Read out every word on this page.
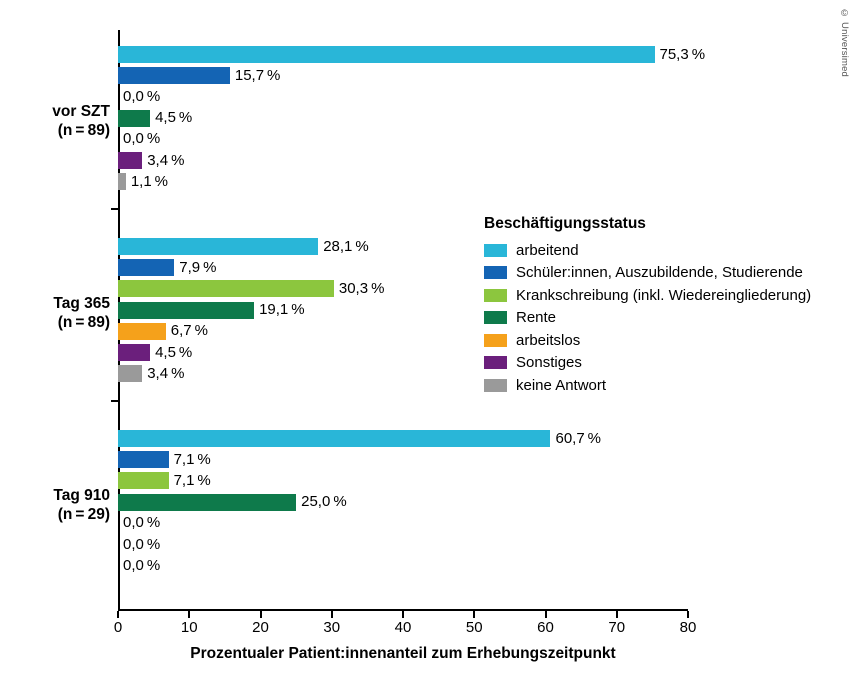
© Universimed
0	10	20	30	40	50	60	70	80
75,3 %
15,7 %
0,0 %
4,5 %
0,0 %
3,4 %
1,1 %
28,1 %
7,9 %
30,3 %
19,1 %
6,7 %
4,5 %
3,4 %
60,7 %
7,1 %
7,1 %
25,0 %
0,0 %
0,0 %
0,0 %
vor SZT
(n = 89)
Tag 365
(n = 89)
Tag 910
(n = 29)
Beschäftigungsstatus
arbeitend
Schüler:innen, Auszubildende, Studierende
Krankschreibung (inkl. Wiedereingliederung)
Rente
arbeitslos
Sonstiges
keine Antwort
Prozentualer Patient:innenanteil zum Erhebungszeitpunkt
